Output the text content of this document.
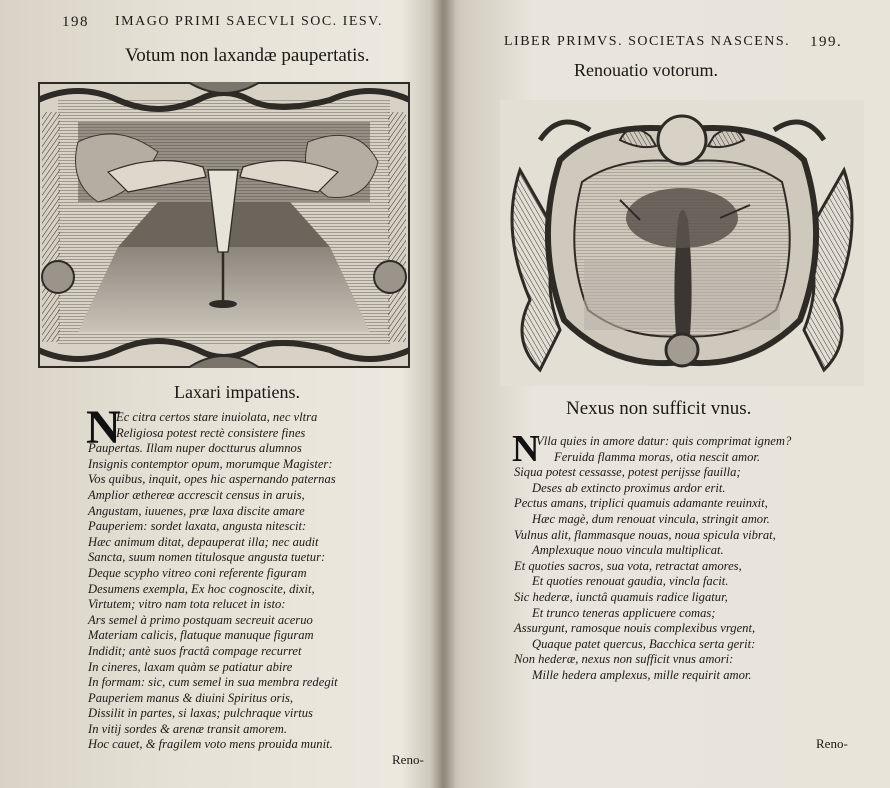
198 IMAGO PRIMI SAECVLI SOC. IESV.
Votum non laxandæ paupertatis.
Laxari impatiens.
N
Ec citra certos stare inuiolata, nec vltra
Religiosa potest rectè consistere fines
Paupertas. Illam nuper doctturus alumnos
Insignis contemptor opum, morumque Magister:
Vos quibus, inquit, opes hic aspernando paternas
Amplior æthereæ accrescit census in aruis,
Angustam, iuuenes, præ laxa discite amare
Pauperiem: sordet laxata, angusta nitescit:
Hæc animum ditat, depauperat illa; nec audit
Sancta, suum nomen titulosque angusta tuetur:
Deque scypho vitreo coni referente figuram
Desumens exempla, Ex hoc cognoscite, dixit,
Virtutem; vitro nam tota relucet in isto:
Ars semel à primo postquam secreuit aceruo
Materiam calicis, flatuque manuque figuram
Indidit; antè suos fractâ compage recurret
In cineres, laxam quàm se patiatur abire
In formam: sic, cum semel in sua membra redegit
Pauperiem manus & diuini Spiritus oris,
Dissilit in partes, si laxas; pulchraque virtus
In vitij sordes & arenæ transit amorem.
Hoc cauet, & fragilem voto mens prouida munit.
Reno-
LIBER PRIMVS. SOCIETAS NASCENS. 199.
Renouatio votorum.
Nexus non sufficit vnus.
N
Vlla quies in amore datur: quis comprimat ignem?
Feruida flamma moras, otia nescit amor.
Siqua potest cessasse, potest perijsse fauilla;
Deses ab extincto proximus ardor erit.
Pectus amans, triplici quamuis adamante reuinxit,
Hæc magè, dum renouat vincula, stringit amor.
Vulnus alit, flammasque nouas, noua spicula vibrat,
Amplexuque nouo vincula multiplicat.
Et quoties sacros, sua vota, retractat amores,
Et quoties renouat gaudia, vincla facit.
Sic hederæ, iunctâ quamuis radice ligatur,
Et trunco teneras applicuere comas;
Assurgunt, ramosque nouis complexibus vrgent,
Quaque patet quercus, Bacchica serta gerit:
Non hederæ, nexus non sufficit vnus amori:
Mille hedera amplexus, mille requirit amor.
Reno-
